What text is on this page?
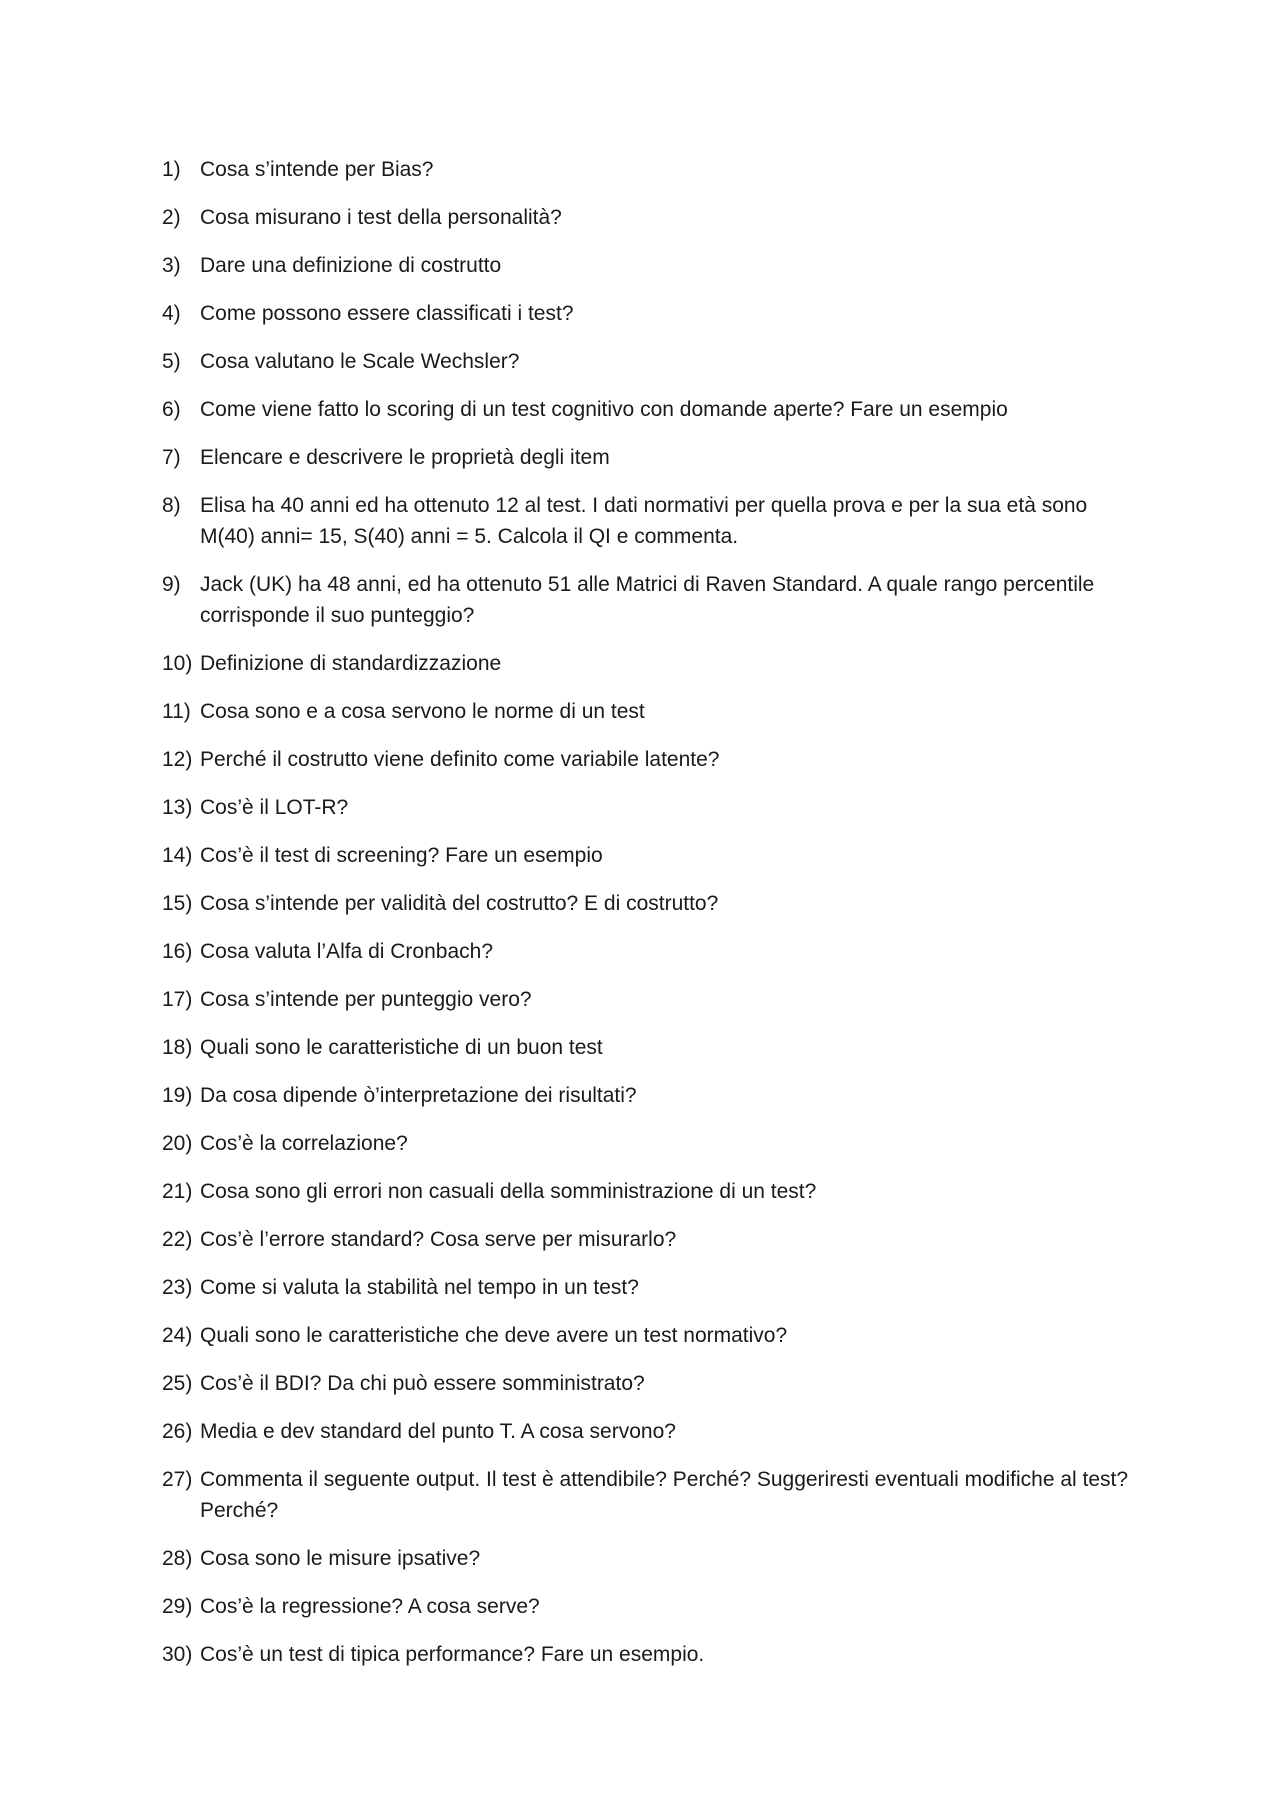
1) Cosa s’intende per Bias?
2) Cosa misurano i test della personalità?
3) Dare una definizione di costrutto
4) Come possono essere classificati i test?
5) Cosa valutano le Scale Wechsler?
6) Come viene fatto lo scoring di un test cognitivo con domande aperte? Fare un esempio
7) Elencare e descrivere le proprietà degli item
8) Elisa ha 40 anni ed ha ottenuto 12 al test. I dati normativi per quella prova e per la sua età sono M(40) anni= 15, S(40) anni = 5. Calcola il QI e commenta.
9) Jack (UK) ha 48 anni, ed ha ottenuto 51 alle Matrici di Raven Standard. A quale rango percentile corrisponde il suo punteggio?
10) Definizione di standardizzazione
11) Cosa sono e a cosa servono le norme di un test
12) Perché il costrutto viene definito come variabile latente?
13) Cos’è il LOT-R?
14) Cos’è il test di screening? Fare un esempio
15) Cosa s’intende per validità del costrutto? E di costrutto?
16) Cosa valuta l’Alfa di Cronbach?
17) Cosa s’intende per punteggio vero?
18) Quali sono le caratteristiche di un buon test
19) Da cosa dipende ò’interpretazione dei risultati?
20) Cos’è la correlazione?
21) Cosa sono gli errori non casuali della somministrazione di un test?
22) Cos’è l’errore standard? Cosa serve per misurarlo?
23) Come si valuta la stabilità nel tempo in un test?
24) Quali sono le caratteristiche che deve avere un test normativo?
25) Cos’è il BDI? Da chi può essere somministrato?
26) Media e dev standard del punto T. A cosa servono?
27) Commenta il seguente output. Il test è attendibile? Perché? Suggeriresti eventuali modifiche al test? Perché?
28) Cosa sono le misure ipsative?
29) Cos’è la regressione? A cosa serve?
30) Cos’è un test di tipica performance? Fare un esempio.
